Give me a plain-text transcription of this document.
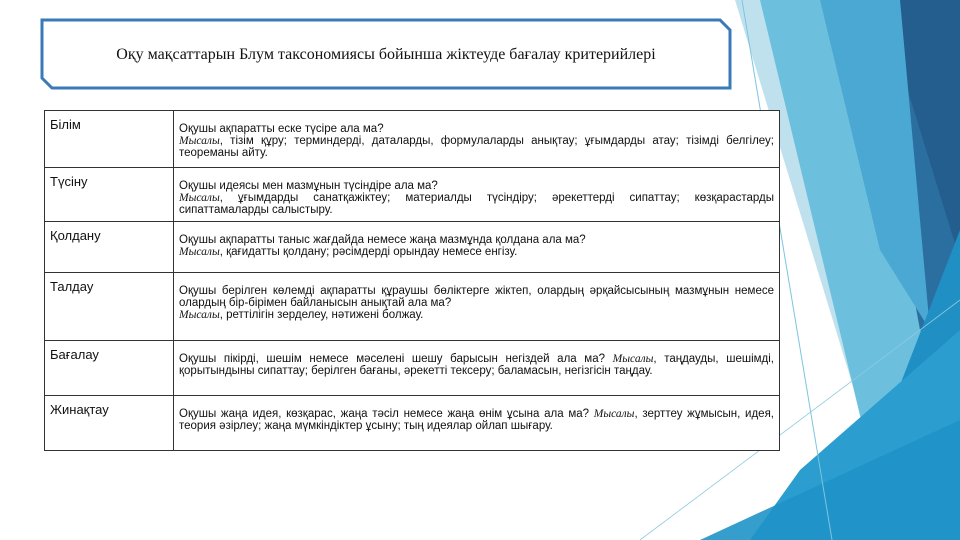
Оқу мақсаттарын Блум таксономиясы бойынша жіктеуде бағалау критерийлері
Білім	Оқушы ақпаратты еске түсіре ала ма?
Мысалы, тізім құру; терминдерді, даталарды, формулаларды анықтау; ұғымдарды атау; тізімді белгілеу; теореманы айту.
Түсіну	Оқушы идеясы мен мазмұнын түсіндіре ала ма?
Мысалы, ұғымдарды санатқажіктеу; материалды түсіндіру; әрекеттерді сипаттау; көзқарастарды сипаттамаларды салыстыру.
Қолдану	Оқушы ақпаратты таныс жағдайда немесе жаңа мазмұнда қолдана ала ма?
Мысалы, қағидатты қолдану; рәсімдерді орындау немесе енгізу.
Талдау	Оқушы берілген көлемді ақпаратты құраушы бөліктерге жіктеп, олардың әрқайсысының мазмұнын немесе олардың бір-бірімен байланысын анықтай ала ма?
Мысалы, реттілігін зерделеу, нәтижені болжау.
Бағалау	Оқушы пікірді, шешім немесе мәселені шешу барысын негіздей ала ма? Мысалы, таңдауды, шешімді, қорытындыны сипаттау; берілген бағаны, әрекетті тексеру; баламасын, негізгісін таңдау.
Жинақтау	Оқушы жаңа идея, көзқарас, жаңа тәсіл немесе жаңа өнім ұсына ала ма? Мысалы, зерттеу жұмысын, идея, теория әзірлеу; жаңа мүмкіндіктер ұсыну; тың идеялар ойлап шығару.
